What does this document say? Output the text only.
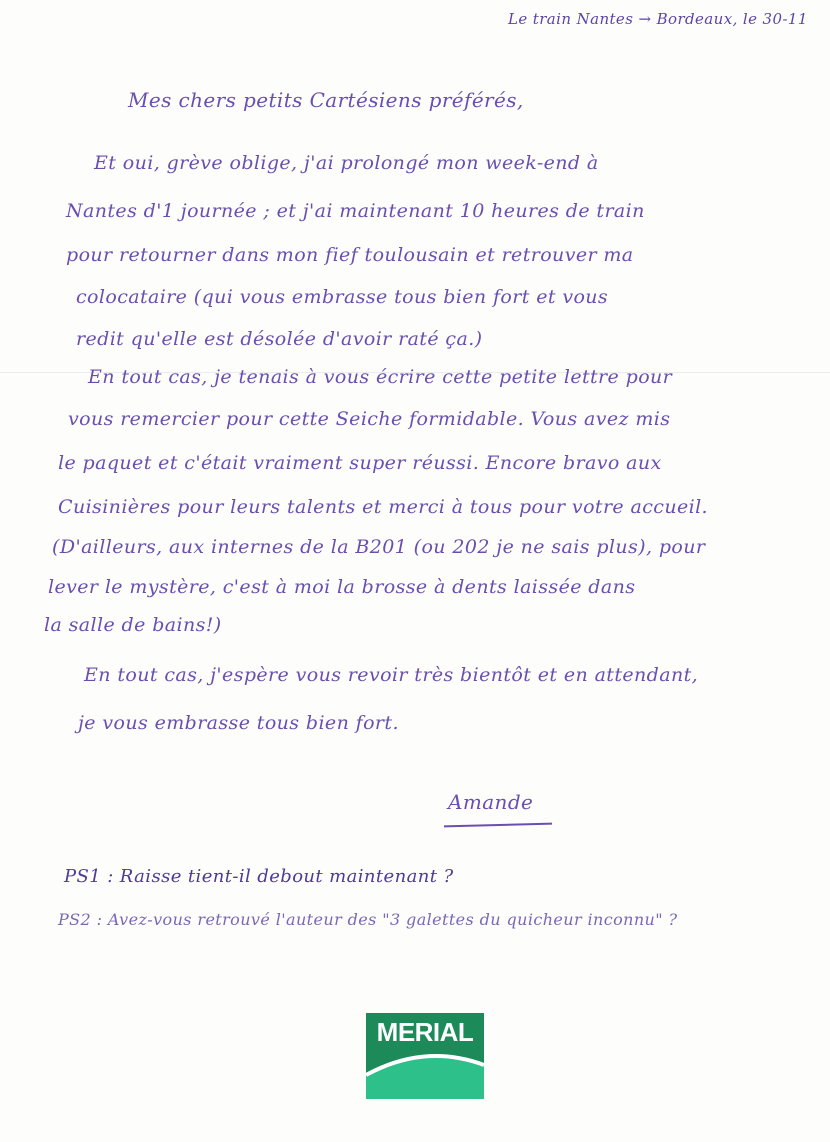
Le train Nantes → Bordeaux, le 30-11
Mes chers petits Cartésiens préférés,
Et oui, grève oblige, j'ai prolongé mon week-end à
Nantes d'1 journée ; et j'ai maintenant 10 heures de train
pour retourner dans mon fief toulousain et retrouver ma
colocataire (qui vous embrasse tous bien fort et vous
redit qu'elle est désolée d'avoir raté ça.)
En tout cas, je tenais à vous écrire cette petite lettre pour
vous remercier pour cette Seiche formidable. Vous avez mis
le paquet et c'était vraiment super réussi. Encore bravo aux
Cuisinières pour leurs talents et merci à tous pour votre accueil.
(D'ailleurs, aux internes de la B201 (ou 202 je ne sais plus), pour
lever le mystère, c'est à moi la brosse à dents laissée dans
la salle de bains!)
En tout cas, j'espère vous revoir très bientôt et en attendant,
je vous embrasse tous bien fort.
Amande
PS1 : Raisse tient-il debout maintenant ?
PS2 : Avez-vous retrouvé l'auteur des "3 galettes du quicheur inconnu" ?
MERIAL
